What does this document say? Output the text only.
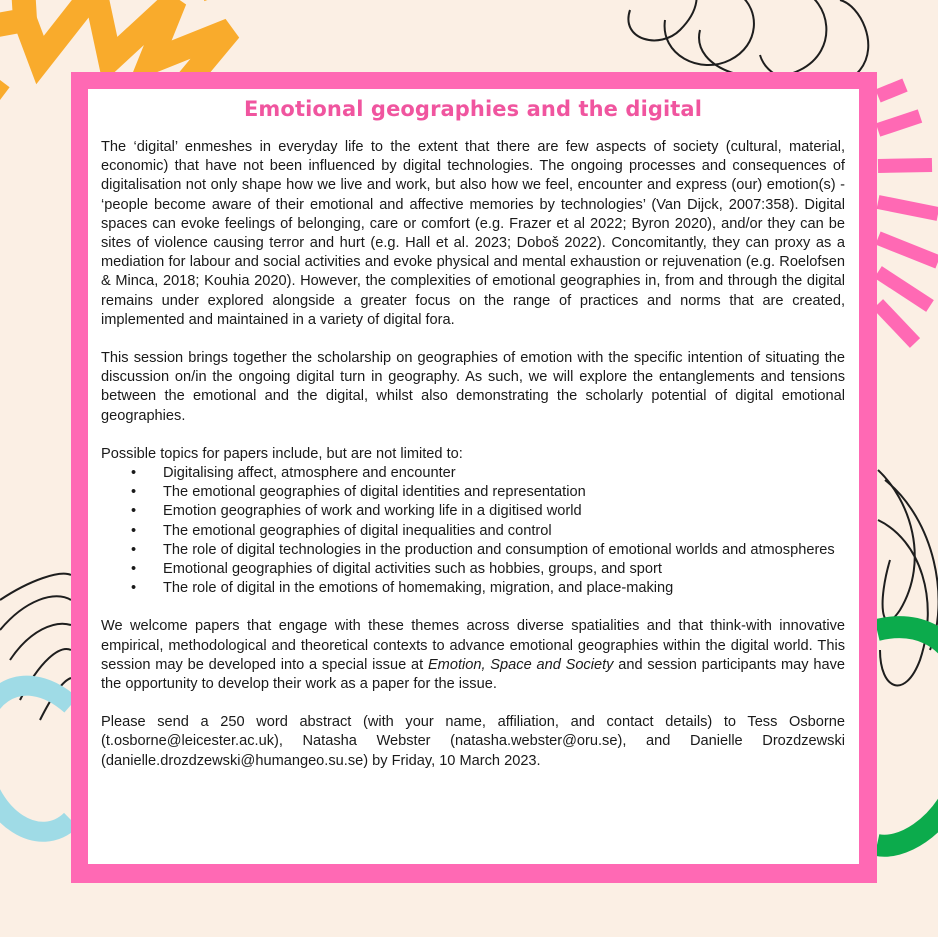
Emotional geographies and the digital

The ‘digital’ enmeshes in everyday life to the extent that there are few aspects of society (cultural, material, economic) that have not been influenced by digital technologies. The ongoing processes and consequences of digitalisation not only shape how we live and work, but also how we feel, encounter and express (our) emotion(s) - ‘people become aware of their emotional and affective memories by technologies’ (Van Dijck, 2007:358). Digital spaces can evoke feelings of belonging, care or comfort (e.g. Frazer et al 2022; Byron 2020), and/or they can be sites of violence causing terror and hurt (e.g. Hall et al. 2023; Doboš 2022). Concomitantly, they can proxy as a mediation for labour and social activities and evoke physical and mental exhaustion or rejuvenation (e.g. Roelofsen & Minca, 2018; Kouhia 2020). However, the complexities of emotional geographies in, from and through the digital remains under explored alongside a greater focus on the range of practices and norms that are created, implemented and maintained in a variety of digital fora.

This session brings together the scholarship on geographies of emotion with the specific intention of situating the discussion on/in the ongoing digital turn in geography. As such, we will explore the entanglements and tensions between the emotional and the digital, whilst also demonstrating the scholarly potential of digital emotional geographies.

Possible topics for papers include, but are not limited to:

• Digitalising affect, atmosphere and encounter
• The emotional geographies of digital identities and representation
• Emotion geographies of work and working life in a digitised world
• The emotional geographies of digital inequalities and control
• The role of digital technologies in the production and consumption of emotional worlds and atmospheres
• Emotional geographies of digital activities such as hobbies, groups, and sport
• The role of digital in the emotions of homemaking, migration, and place-making

We welcome papers that engage with these themes across diverse spatialities and that think-with innovative empirical, methodological and theoretical contexts to advance emotional geographies within the digital world. This session may be developed into a special issue at Emotion, Space and Society and session participants may have the opportunity to develop their work as a paper for the issue.

Please send a 250 word abstract (with your name, affiliation, and contact details) to Tess Osborne (t.osborne@leicester.ac.uk), Natasha Webster (natasha.webster@oru.se), and Danielle Drozdzewski (danielle.drozdzewski@humangeo.su.se) by Friday, 10 March 2023.
